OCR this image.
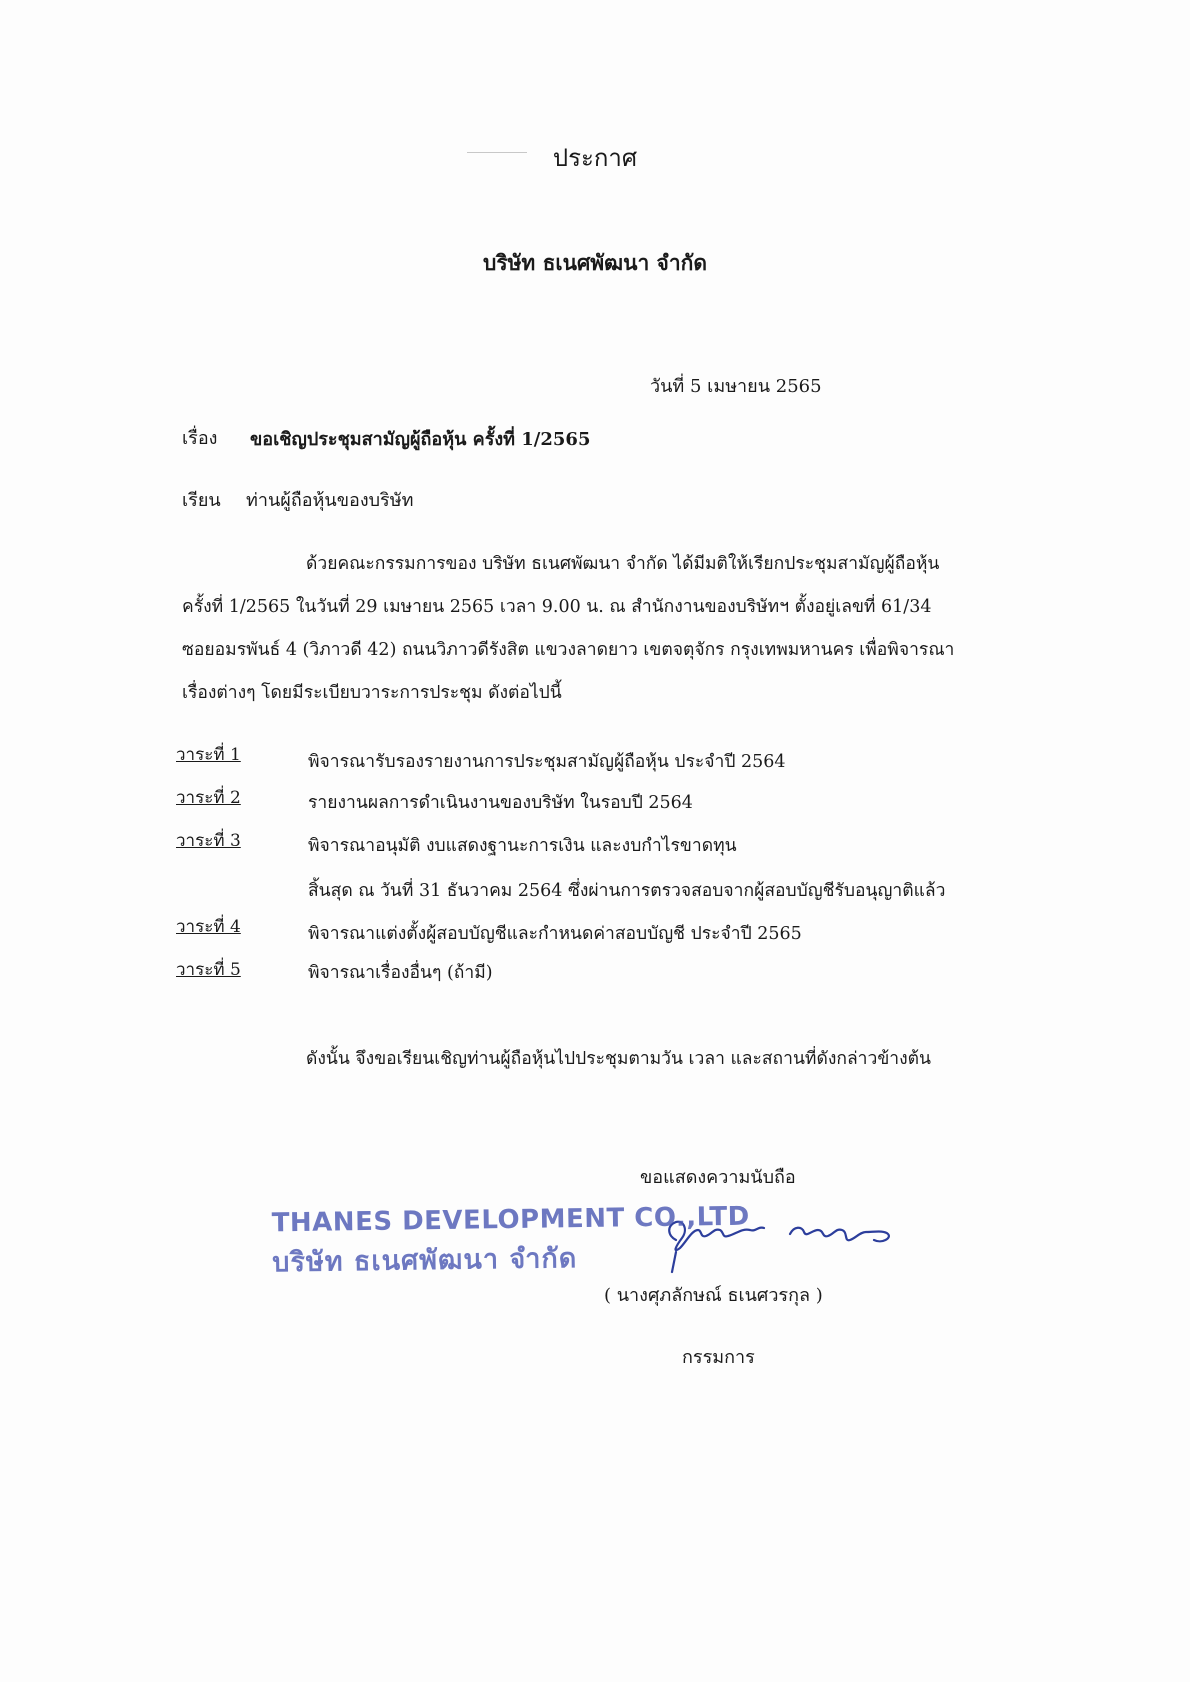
ประกาศ
บริษัท ธเนศพัฒนา จำกัด
วันที่ 5 เมษายน 2565
เรื่อง ขอเชิญประชุมสามัญผู้ถือหุ้น ครั้งที่ 1/2565
เรียน ท่านผู้ถือหุ้นของบริษัท
ด้วยคณะกรรมการของ บริษัท ธเนศพัฒนา จำกัด ได้มีมติให้เรียกประชุมสามัญผู้ถือหุ้น
ครั้งที่ 1/2565 ในวันที่ 29 เมษายน 2565 เวลา 9.00 น. ณ สำนักงานของบริษัทฯ ตั้งอยู่เลขที่ 61/34
ซอยอมรพันธ์ 4 (วิภาวดี 42) ถนนวิภาวดีรังสิต แขวงลาดยาว เขตจตุจักร กรุงเทพมหานคร เพื่อพิจารณา
เรื่องต่างๆ โดยมีระเบียบวาระการประชุม ดังต่อไปนี้
วาระที่ 1	พิจารณารับรองรายงานการประชุมสามัญผู้ถือหุ้น ประจำปี 2564
วาระที่ 2	รายงานผลการดำเนินงานของบริษัท ในรอบปี 2564
วาระที่ 3	พิจารณาอนุมัติ งบแสดงฐานะการเงิน และงบกำไรขาดทุน
สิ้นสุด ณ วันที่ 31 ธันวาคม 2564 ซึ่งผ่านการตรวจสอบจากผู้สอบบัญชีรับอนุญาติแล้ว
วาระที่ 4	พิจารณาแต่งตั้งผู้สอบบัญชีและกำหนดค่าสอบบัญชี ประจำปี 2565
วาระที่ 5	พิจารณาเรื่องอื่นๆ (ถ้ามี)
ดังนั้น จึงขอเรียนเชิญท่านผู้ถือหุ้นไปประชุมตามวัน เวลา และสถานที่ดังกล่าวข้างต้น
ขอแสดงความนับถือ
( นางศุภลักษณ์ ธเนศวรกุล )
กรรมการ
THANES DEVELOPMENT CO.,LTD
บริษัท ธเนศพัฒนา จำกัด
